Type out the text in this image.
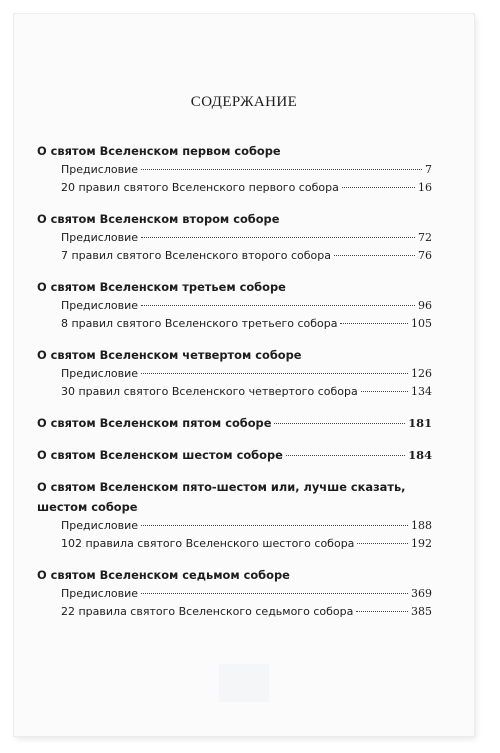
СОДЕРЖАНИЕ
О святом Вселенском первом соборе
Предисловие	7
20 правил святого Вселенского первого собора	16
О святом Вселенском втором соборе
Предисловие	72
7 правил святого Вселенского второго собора	76
О святом Вселенском третьем соборе
Предисловие	96
8 правил святого Вселенского третьего собора	105
О святом Вселенском четвертом соборе
Предисловие	126
30 правил святого Вселенского четвертого собора	134
О святом Вселенском пятом соборе	181
О святом Вселенском шестом соборе	184
О святом Вселенском пято-шестом или, лучше сказать, шестом соборе
Предисловие	188
102 правила святого Вселенского шестого собора	192
О святом Вселенском седьмом соборе
Предисловие	369
22 правила святого Вселенского седьмого собора	385
